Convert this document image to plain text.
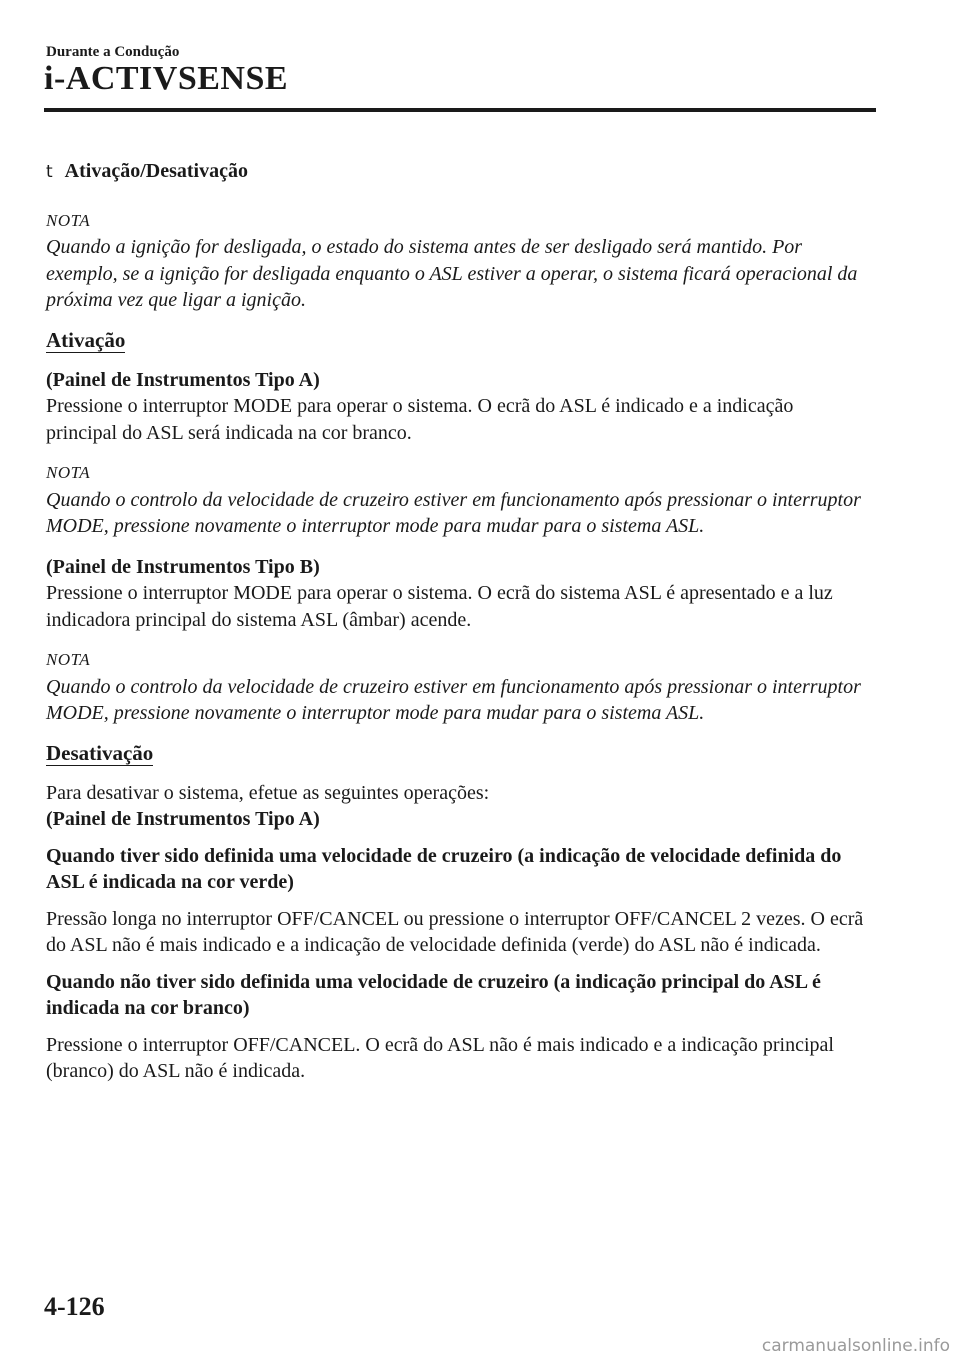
Durante a Condução
i-ACTIVSENSE
t Ativação/Desativação
NOTA

Quando a ignição for desligada, o estado do sistema antes de ser desligado será mantido. Por exemplo, se a ignição for desligada enquanto o ASL estiver a operar, o sistema ficará operacional da próxima vez que ligar a ignição.

Ativação

(Painel de Instrumentos Tipo A)

Pressione o interruptor MODE para operar o sistema. O ecrã do ASL é indicado e a indicação principal do ASL será indicada na cor branco.

NOTA

Quando o controlo da velocidade de cruzeiro estiver em funcionamento após pressionar o interruptor MODE, pressione novamente o interruptor mode para mudar para o sistema ASL.

(Painel de Instrumentos Tipo B)

Pressione o interruptor MODE para operar o sistema. O ecrã do sistema ASL é apresentado e a luz indicadora principal do sistema ASL (âmbar) acende.

NOTA

Quando o controlo da velocidade de cruzeiro estiver em funcionamento após pressionar o interruptor MODE, pressione novamente o interruptor mode para mudar para o sistema ASL.

Desativação

Para desativar o sistema, efetue as seguintes operações:

(Painel de Instrumentos Tipo A)

Quando tiver sido definida uma velocidade de cruzeiro (a indicação de velocidade definida do ASL é indicada na cor verde)

Pressão longa no interruptor OFF/CANCEL ou pressione o interruptor OFF/CANCEL 2 vezes. O ecrã do ASL não é mais indicado e a indicação de velocidade definida (verde) do ASL não é indicada.

Quando não tiver sido definida uma velocidade de cruzeiro (a indicação principal do ASL é indicada na cor branco)

Pressione o interruptor OFF/CANCEL. O ecrã do ASL não é mais indicado e a indicação principal (branco) do ASL não é indicada.

4-126
carmanualsonline.info
